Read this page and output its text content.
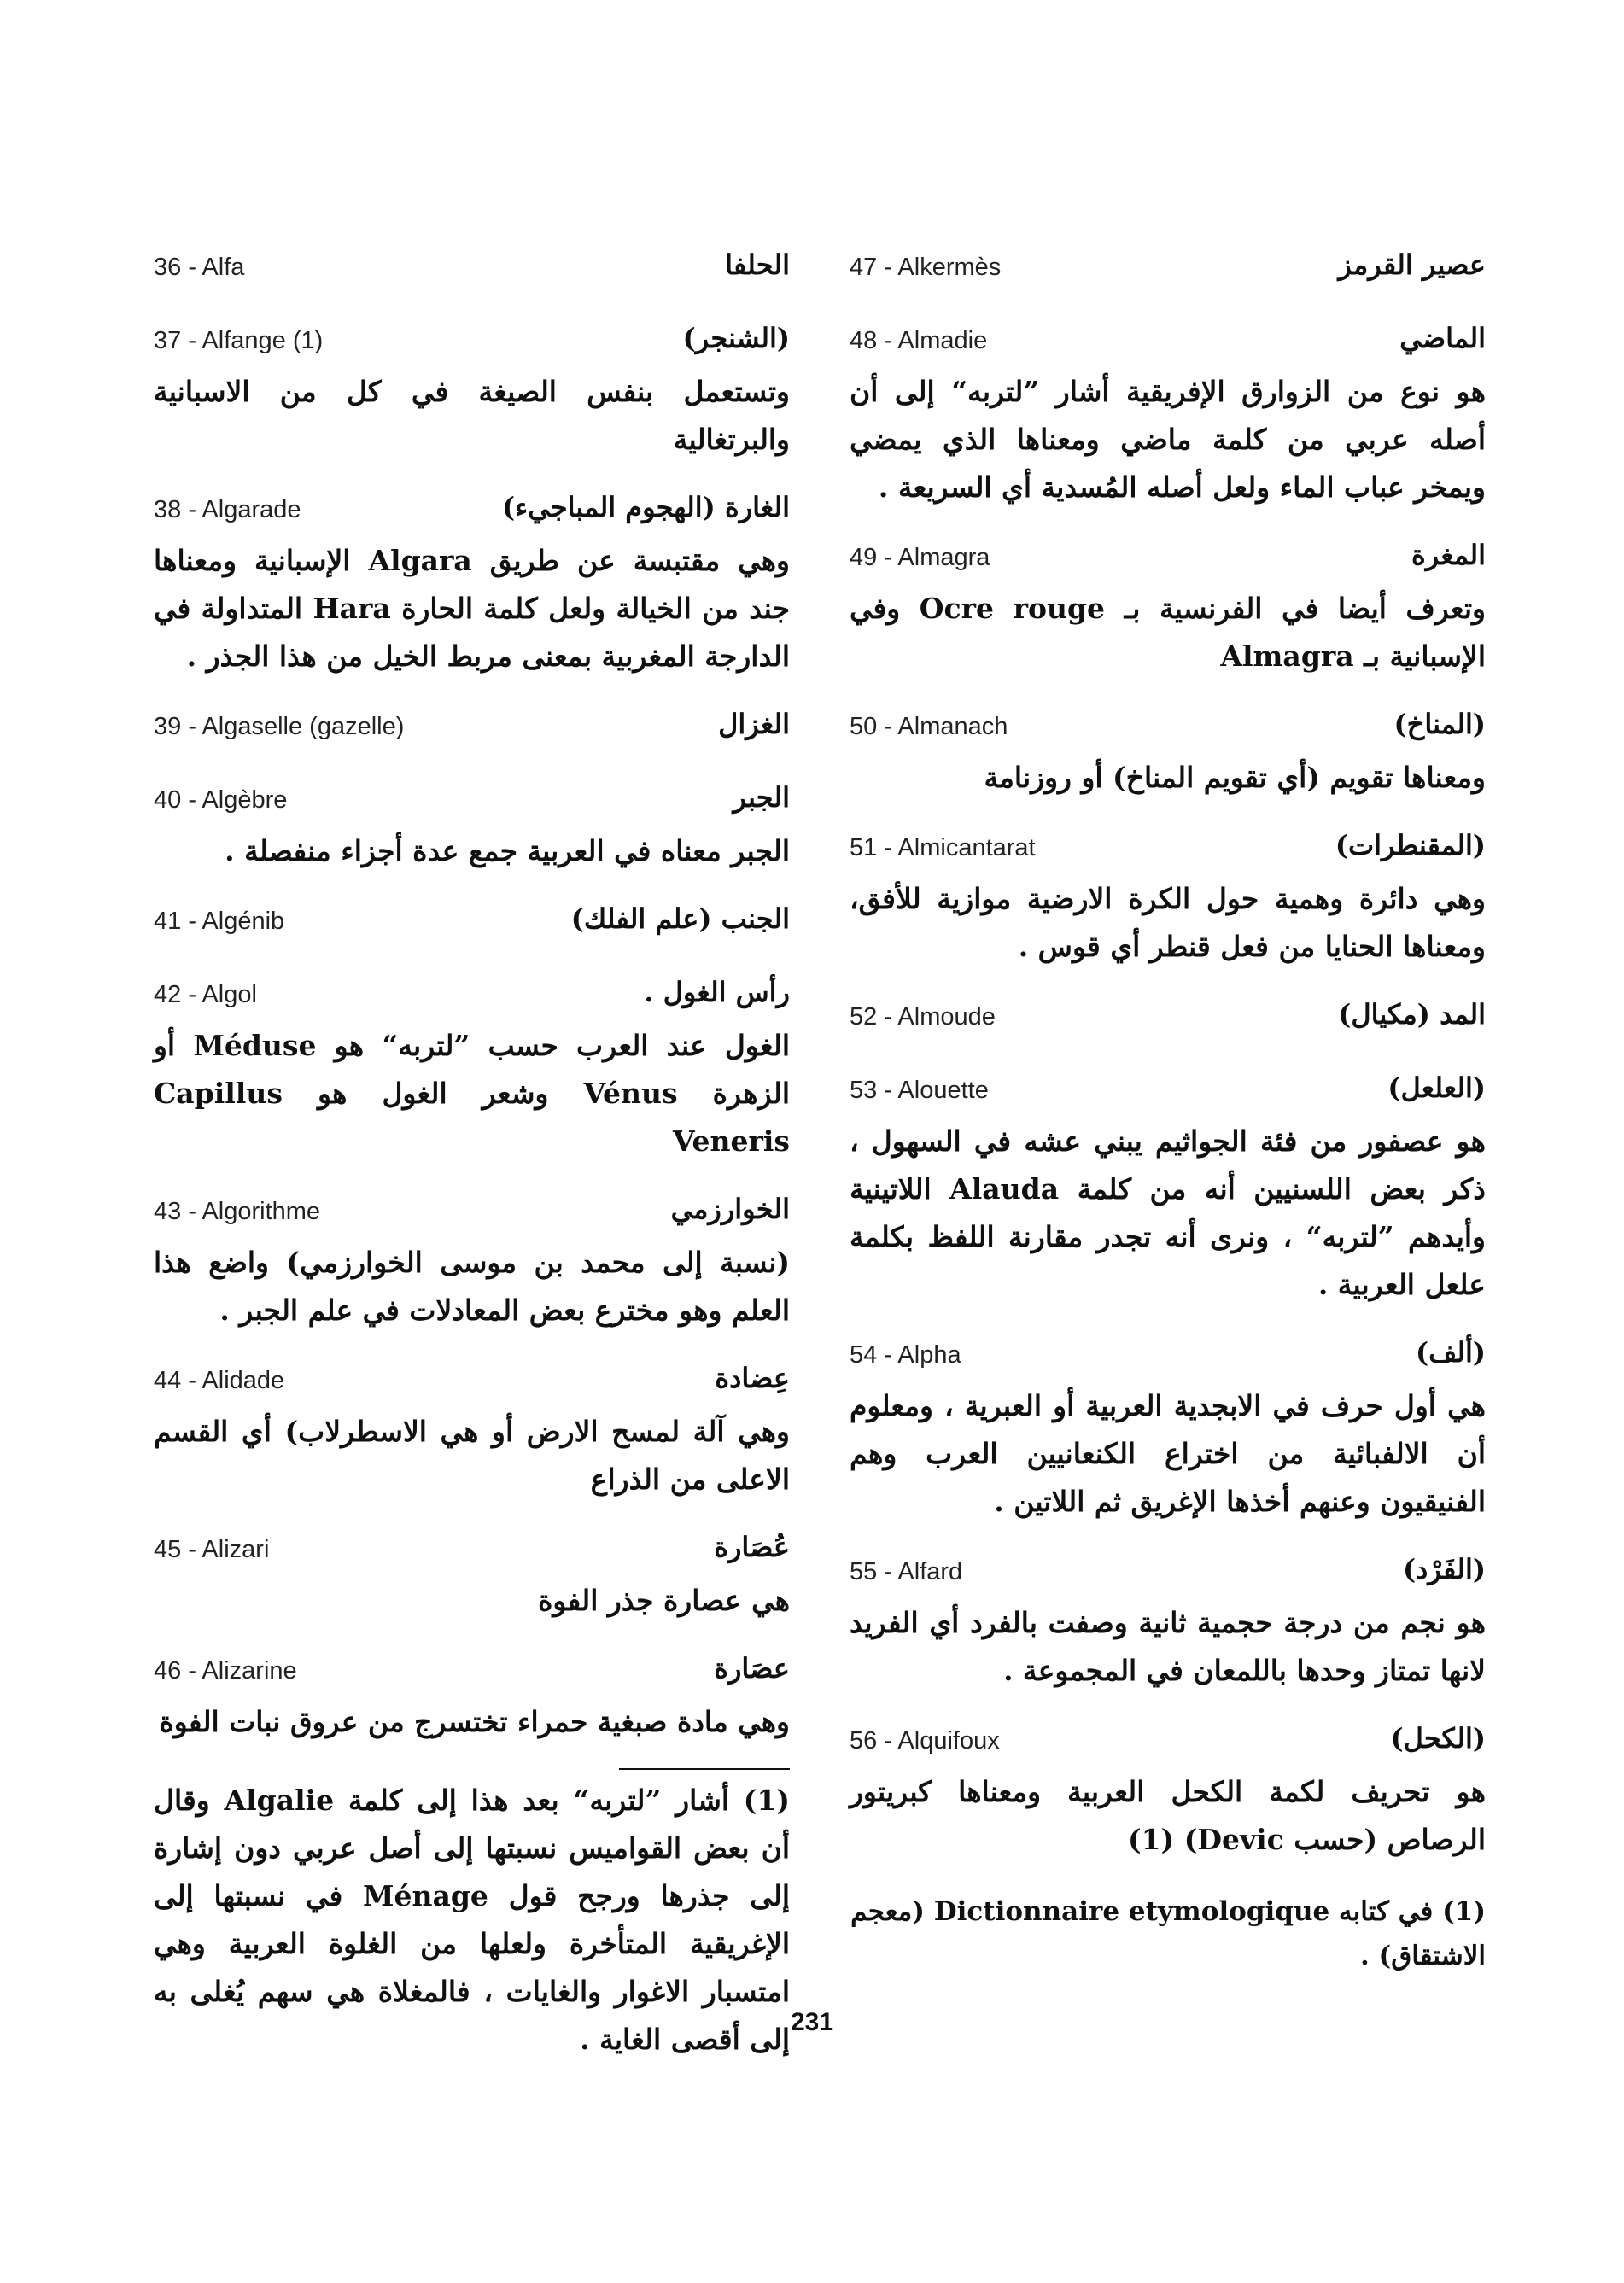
47 - Alkermès	عصير القرمز
48 - Almadie	الماضي
هو نوع من الزوارق الإفريقية أشار ”لتربه“ إلى أن أصله عربي من كلمة ماضي ومعناها الذي يمضي ويمخر عباب الماء ولعل أصله المُسدية أي السريعة .
49 - Almagra	المغرة
وتعرف أيضا في الفرنسية بـ Ocre rouge وفي الإسبانية بـ Almagra
50 - Almanach	(المناخ)
ومعناها تقويم (أي تقويم المناخ) أو روزنامة
51 - Almicantarat	(المقنطرات)
وهي دائرة وهمية حول الكرة الارضية موازية للأفق، ومعناها الحنايا من فعل قنطر أي قوس .
52 - Almoude	المد (مكيال)
53 - Alouette	(العلعل)
هو عصفور من فئة الجواثيم يبني عشه في السهول ، ذكر بعض اللسنيين أنه من كلمة Alauda اللاتينية وأيدهم ”لتربه“ ، ونرى أنه تجدر مقارنة اللفظ بكلمة علعل العربية .
54 - Alpha	(ألف)
هي أول حرف في الابجدية العربية أو العبرية ، ومعلوم أن الالفبائية من اختراع الكنعانيين العرب وهم الفنيقيون وعنهم أخذها الإغريق ثم اللاتين .
55 - Alfard	(الفَرْد)
هو نجم من درجة حجمية ثانية وصفت بالفرد أي الفريد لانها تمتاز وحدها باللمعان في المجموعة .
56 - Alquifoux	(الكحل)
هو تحريف لكمة الكحل العربية ومعناها كبريتور الرصاص (حسب Devic) (1)
(1) في كتابه Dictionnaire etymologique (معجم الاشتقاق) .
36 - Alfa	الحلفا
37 - Alfange (1)	(الشنجر)
وتستعمل بنفس الصيغة في كل من الاسبانية والبرتغالية
38 - Algarade	الغارة (الهجوم المباجيء)
وهي مقتبسة عن طريق Algara الإسبانية ومعناها جند من الخيالة ولعل كلمة الحارة Hara المتداولة في الدارجة المغربية بمعنى مربط الخيل من هذا الجذر .
39 - Algaselle (gazelle)	الغزال
40 - Algèbre	الجبر
الجبر معناه في العربية جمع عدة أجزاء منفصلة .
41 - Algénib	الجنب (علم الفلك)
42 - Algol	رأس الغول .
الغول عند العرب حسب ”لتربه“ هو Méduse أو الزهرة Vénus وشعر الغول هو Capillus Veneris
43 - Algorithme	الخوارزمي
(نسبة إلى محمد بن موسى الخوارزمي) واضع هذا العلم وهو مخترع بعض المعادلات في علم الجبر .
44 - Alidade	عِضادة
وهي آلة لمسح الارض أو هي الاسطرلاب) أي القسم الاعلى من الذراع
45 - Alizari	عُصَارة
هي عصارة جذر الفوة
46 - Alizarine	عصَارة
وهي مادة صبغية حمراء تختسرج من عروق نبات الفوة
(1) أشار ”لتربه“ بعد هذا إلى كلمة Algalie وقال أن بعض القواميس نسبتها إلى أصل عربي دون إشارة إلى جذرها ورجح قول Ménage في نسبتها إلى الإغريقية المتأخرة ولعلها من الغلوة العربية وهي امتسبار الاغوار والغايات ، فالمغلاة هي سهم يُغلى به إلى أقصى الغاية .
231
